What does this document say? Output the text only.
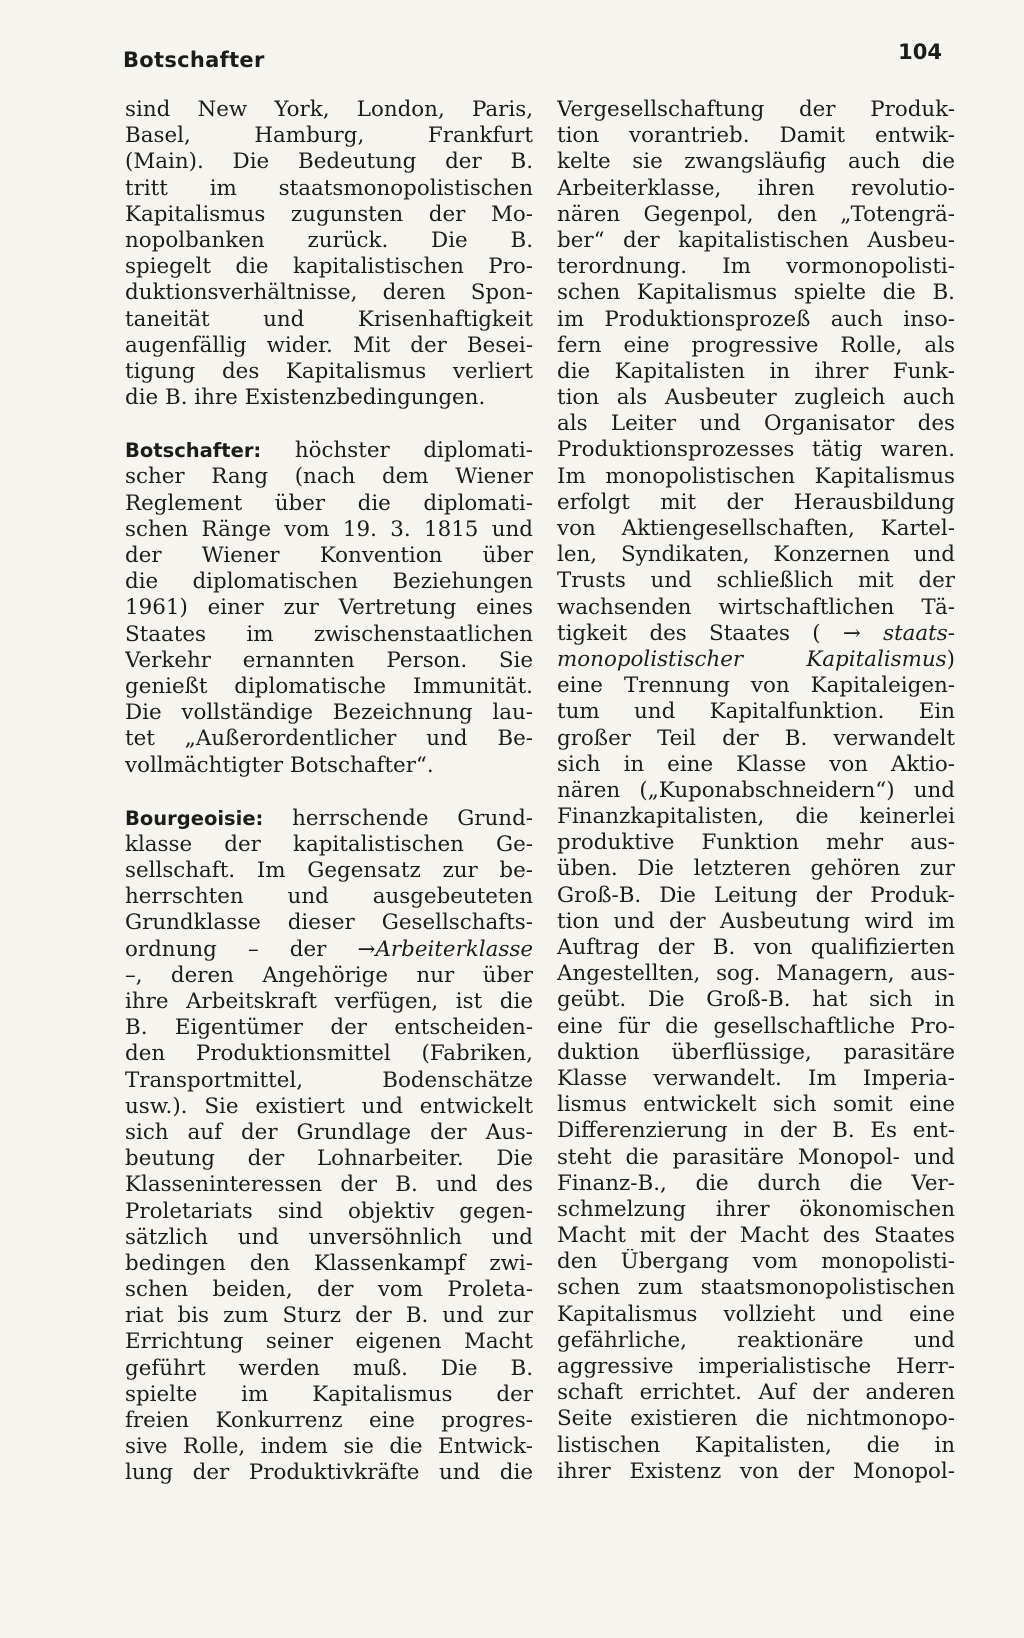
Botschafter	104
sind New York, London, Paris,
Basel, Hamburg, Frankfurt
(Main). Die Bedeutung der B.
tritt im staatsmonopolistischen
Kapitalismus zugunsten der Mo-
nopolbanken zurück. Die B.
spiegelt die kapitalistischen Pro-
duktionsverhältnisse, deren Spon-
taneität und Krisenhaftigkeit
augenfällig wider. Mit der Besei-
tigung des Kapitalismus verliert
die B. ihre Existenzbedingungen.
Botschafter: höchster diplomati-
scher Rang (nach dem Wiener
Reglement über die diplomati-
schen Ränge vom 19. 3. 1815 und
der Wiener Konvention über
die diplomatischen Beziehungen
1961) einer zur Vertretung eines
Staates im zwischenstaatlichen
Verkehr ernannten Person. Sie
genießt diplomatische Immunität.
Die vollständige Bezeichnung lau-
tet „Außerordentlicher und Be-
vollmächtigter Botschafter“.
Bourgeoisie: herrschende Grund-
klasse der kapitalistischen Ge-
sellschaft. Im Gegensatz zur be-
herrschten und ausgebeuteten
Grundklasse dieser Gesellschafts-
ordnung – der →Arbeiterklasse
–, deren Angehörige nur über
ihre Arbeitskraft verfügen, ist die
B. Eigentümer der entscheiden-
den Produktionsmittel (Fabriken,
Transportmittel, Bodenschätze
usw.). Sie existiert und entwickelt
sich auf der Grundlage der Aus-
beutung der Lohnarbeiter. Die
Klasseninteressen der B. und des
Proletariats sind objektiv gegen-
sätzlich und unversöhnlich und
bedingen den Klassenkampf zwi-
schen beiden, der vom Proleta-
riat bis zum Sturz der B. und zur
Errichtung seiner eigenen Macht
geführt werden muß. Die B.
spielte im Kapitalismus der
freien Konkurrenz eine progres-
sive Rolle, indem sie die Entwick-
lung der Produktivkräfte und die
Vergesellschaftung der Produk-
tion vorantrieb. Damit entwik-
kelte sie zwangsläufig auch die
Arbeiterklasse, ihren revolutio-
nären Gegenpol, den „Totengrä-
ber“ der kapitalistischen Ausbeu-
terordnung. Im vormonopolisti-
schen Kapitalismus spielte die B.
im Produktionsprozeß auch inso-
fern eine progressive Rolle, als
die Kapitalisten in ihrer Funk-
tion als Ausbeuter zugleich auch
als Leiter und Organisator des
Produktionsprozesses tätig waren.
Im monopolistischen Kapitalismus
erfolgt mit der Herausbildung
von Aktiengesellschaften, Kartel-
len, Syndikaten, Konzernen und
Trusts und schließlich mit der
wachsenden wirtschaftlichen Tä-
tigkeit des Staates ( → staats-
monopolistischer Kapitalismus)
eine Trennung von Kapitaleigen-
tum und Kapitalfunktion. Ein
großer Teil der B. verwandelt
sich in eine Klasse von Aktio-
nären („Kuponabschneidern“) und
Finanzkapitalisten, die keinerlei
produktive Funktion mehr aus-
üben. Die letzteren gehören zur
Groß-B. Die Leitung der Produk-
tion und der Ausbeutung wird im
Auftrag der B. von qualifizierten
Angestellten, sog. Managern, aus-
geübt. Die Groß-B. hat sich in
eine für die gesellschaftliche Pro-
duktion überflüssige, parasitäre
Klasse verwandelt. Im Imperia-
lismus entwickelt sich somit eine
Differenzierung in der B. Es ent-
steht die parasitäre Monopol- und
Finanz-B., die durch die Ver-
schmelzung ihrer ökonomischen
Macht mit der Macht des Staates
den Übergang vom monopolisti-
schen zum staatsmonopolistischen
Kapitalismus vollzieht und eine
gefährliche, reaktionäre und
aggressive imperialistische Herr-
schaft errichtet. Auf der anderen
Seite existieren die nichtmonopo-
listischen Kapitalisten, die in
ihrer Existenz von der Monopol-
